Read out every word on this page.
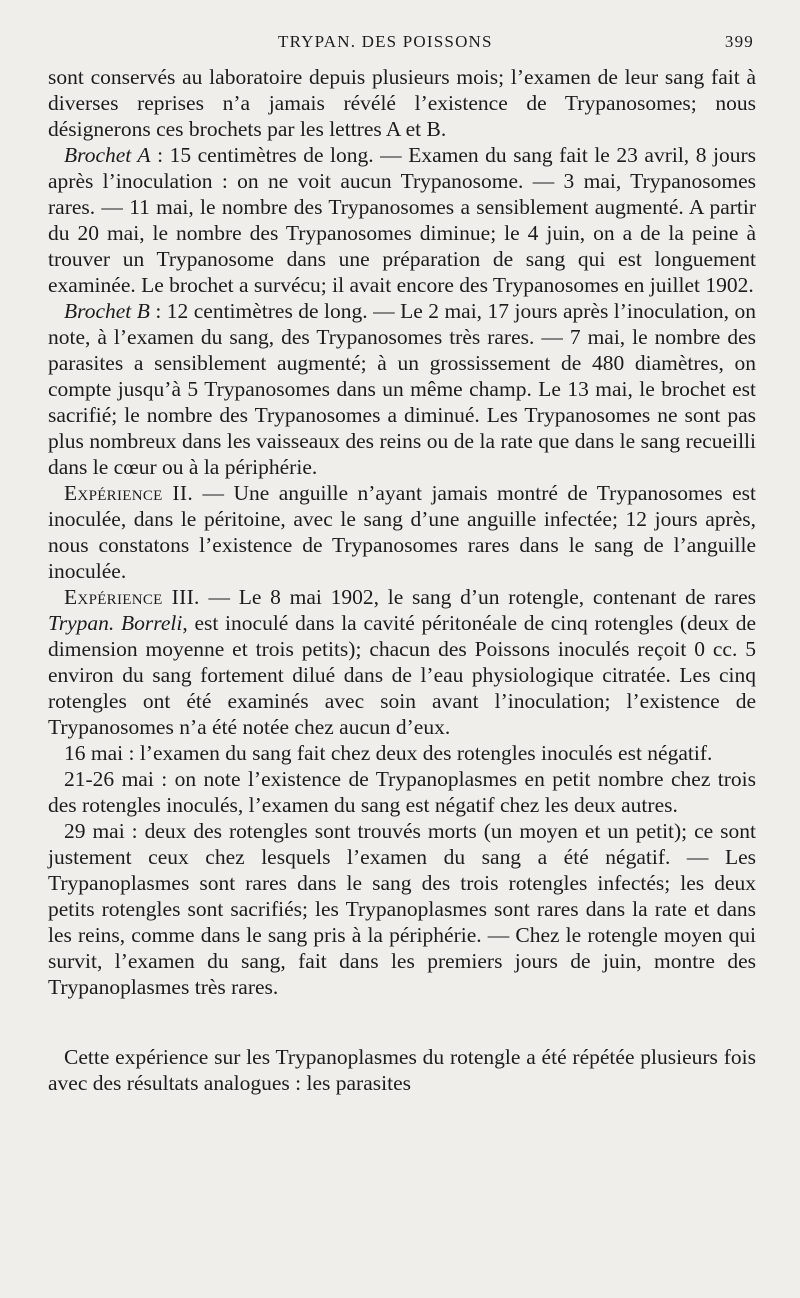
TRYPAN. DES POISSONS	399

sont conservés au laboratoire depuis plusieurs mois; l’examen de leur sang fait à diverses reprises n’a jamais révélé l’existence de Trypanosomes; nous désignerons ces brochets par les lettres A et B.

Brochet A : 15 centimètres de long. — Examen du sang fait le 23 avril, 8 jours après l’inoculation : on ne voit aucun Trypanosome. — 3 mai, Trypanosomes rares. — 11 mai, le nombre des Trypanosomes a sensiblement augmenté. A partir du 20 mai, le nombre des Trypanosomes diminue; le 4 juin, on a de la peine à trouver un Trypanosome dans une préparation de sang qui est longuement examinée. Le brochet a survécu; il avait encore des Trypanosomes en juillet 1902.

Brochet B : 12 centimètres de long. — Le 2 mai, 17 jours après l’inoculation, on note, à l’examen du sang, des Trypanosomes très rares. — 7 mai, le nombre des parasites a sensiblement augmenté; à un grossissement de 480 diamètres, on compte jusqu’à 5 Trypanosomes dans un même champ. Le 13 mai, le brochet est sacrifié; le nombre des Trypanosomes a diminué. Les Trypanosomes ne sont pas plus nombreux dans les vaisseaux des reins ou de la rate que dans le sang recueilli dans le cœur ou à la périphérie.

Expérience II. — Une anguille n’ayant jamais montré de Trypanosomes est inoculée, dans le péritoine, avec le sang d’une anguille infectée; 12 jours après, nous constatons l’existence de Trypanosomes rares dans le sang de l’anguille inoculée.

Expérience III. — Le 8 mai 1902, le sang d’un rotengle, contenant de rares Trypan. Borreli, est inoculé dans la cavité péritonéale de cinq rotengles (deux de dimension moyenne et trois petits); chacun des Poissons inoculés reçoit 0 cc. 5 environ du sang fortement dilué dans de l’eau physiologique citratée. Les cinq rotengles ont été examinés avec soin avant l’inoculation; l’existence de Trypanosomes n’a été notée chez aucun d’eux.

16 mai : l’examen du sang fait chez deux des rotengles inoculés est négatif.

21-26 mai : on note l’existence de Trypanoplasmes en petit nombre chez trois des rotengles inoculés, l’examen du sang est négatif chez les deux autres.

29 mai : deux des rotengles sont trouvés morts (un moyen et un petit); ce sont justement ceux chez lesquels l’examen du sang a été négatif. — Les Trypanoplasmes sont rares dans le sang des trois rotengles infectés; les deux petits rotengles sont sacrifiés; les Trypanoplasmes sont rares dans la rate et dans les reins, comme dans le sang pris à la périphérie. — Chez le rotengle moyen qui survit, l’examen du sang, fait dans les premiers jours de juin, montre des Trypanoplasmes très rares.

Cette expérience sur les Trypanoplasmes du rotengle a été répétée plusieurs fois avec des résultats analogues : les parasites
